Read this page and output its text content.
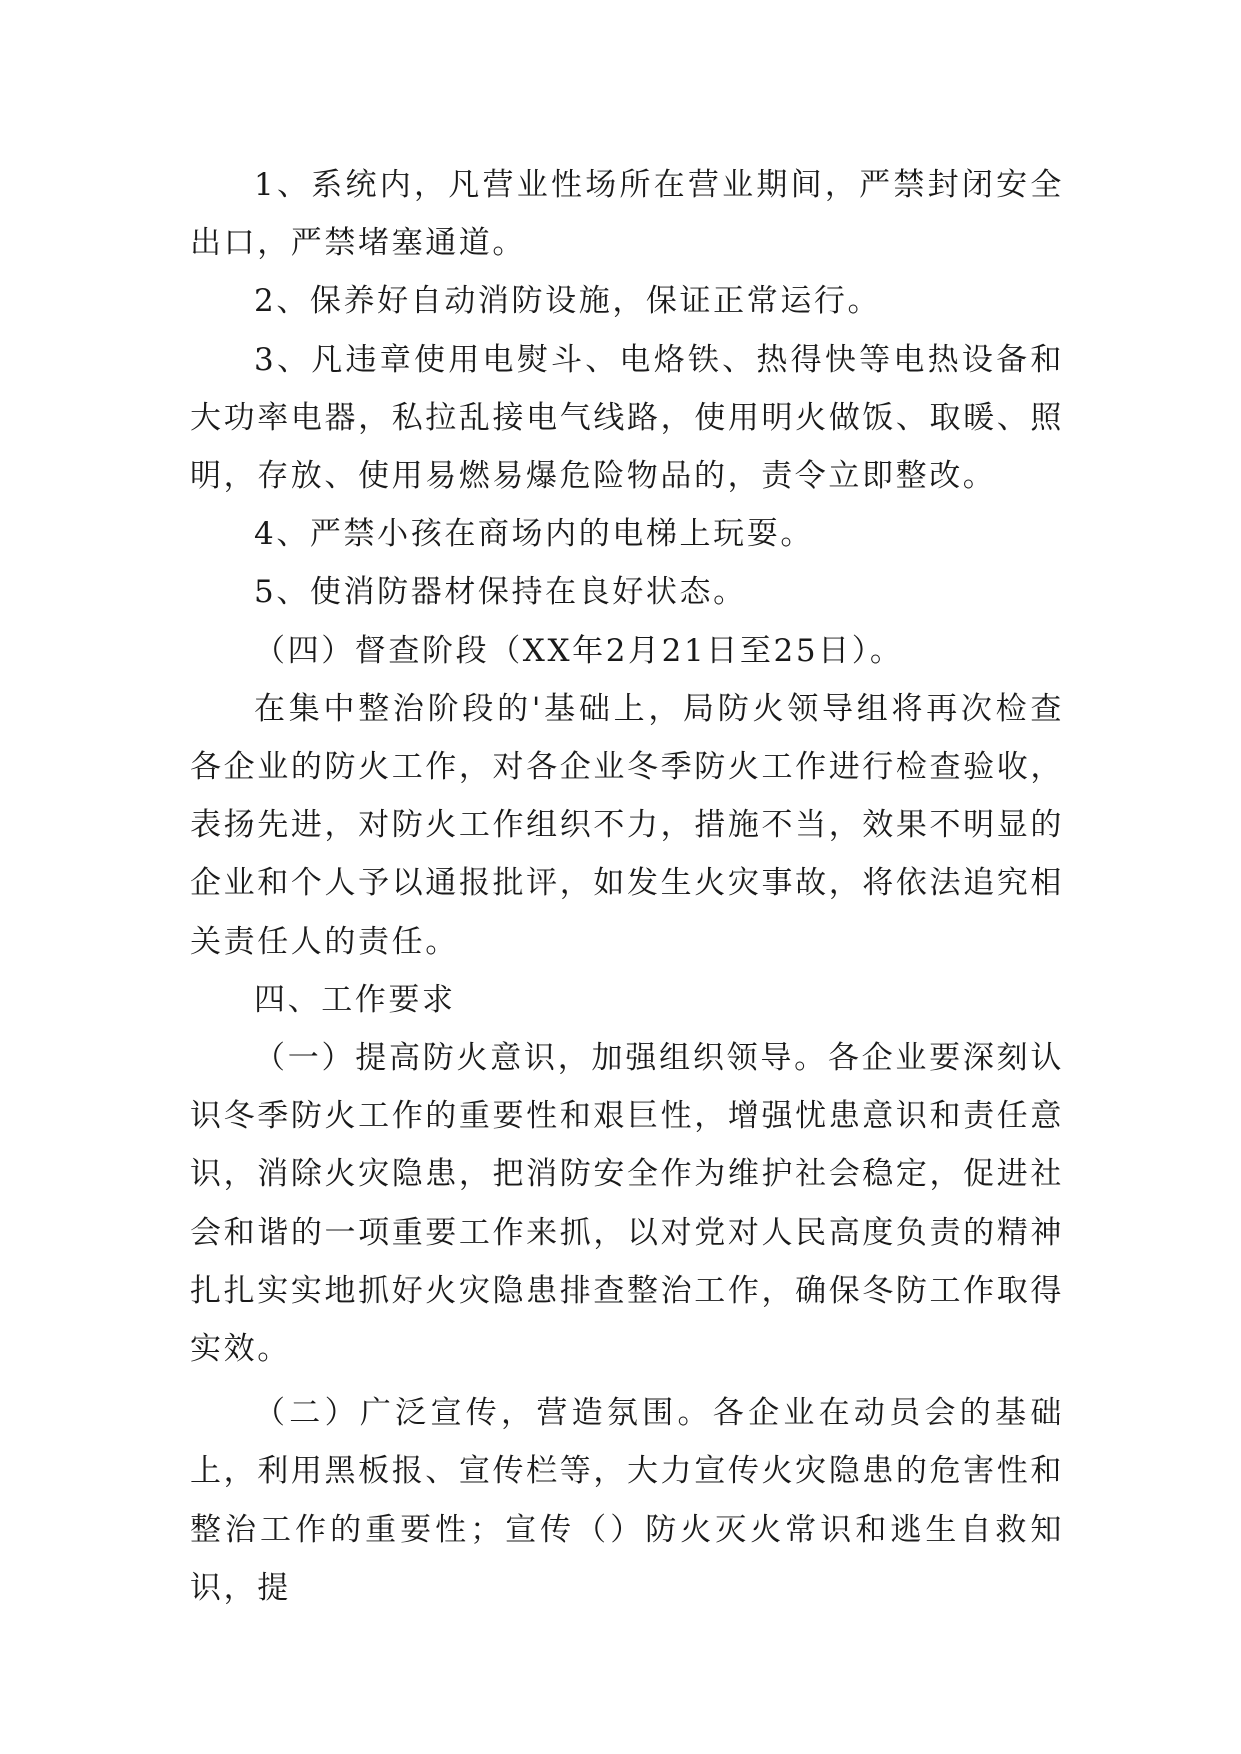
1、系统内，凡营业性场所在营业期间，严禁封闭安全出口，严禁堵塞通道。

2、保养好自动消防设施，保证正常运行。

3、凡违章使用电熨斗、电烙铁、热得快等电热设备和大功率电器，私拉乱接电气线路，使用明火做饭、取暖、照明，存放、使用易燃易爆危险物品的，责令立即整改。

4、严禁小孩在商场内的电梯上玩耍。

5、使消防器材保持在良好状态。

（四）督查阶段（XX年2月21日至25日）。

在集中整治阶段的'基础上，局防火领导组将再次检查各企业的防火工作，对各企业冬季防火工作进行检查验收，表扬先进，对防火工作组织不力，措施不当，效果不明显的企业和个人予以通报批评，如发生火灾事故，将依法追究相关责任人的责任。

四、工作要求

（一）提高防火意识，加强组织领导。各企业要深刻认识冬季防火工作的重要性和艰巨性，增强忧患意识和责任意识，消除火灾隐患，把消防安全作为维护社会稳定，促进社会和谐的一项重要工作来抓，以对党对人民高度负责的精神扎扎实实地抓好火灾隐患排查整治工作，确保冬防工作取得实效。

（二）广泛宣传，营造氛围。各企业在动员会的基础上，利用黑板报、宣传栏等，大力宣传火灾隐患的危害性和整治工作的重要性；宣传（）防火灭火常识和逃生自救知识，提
